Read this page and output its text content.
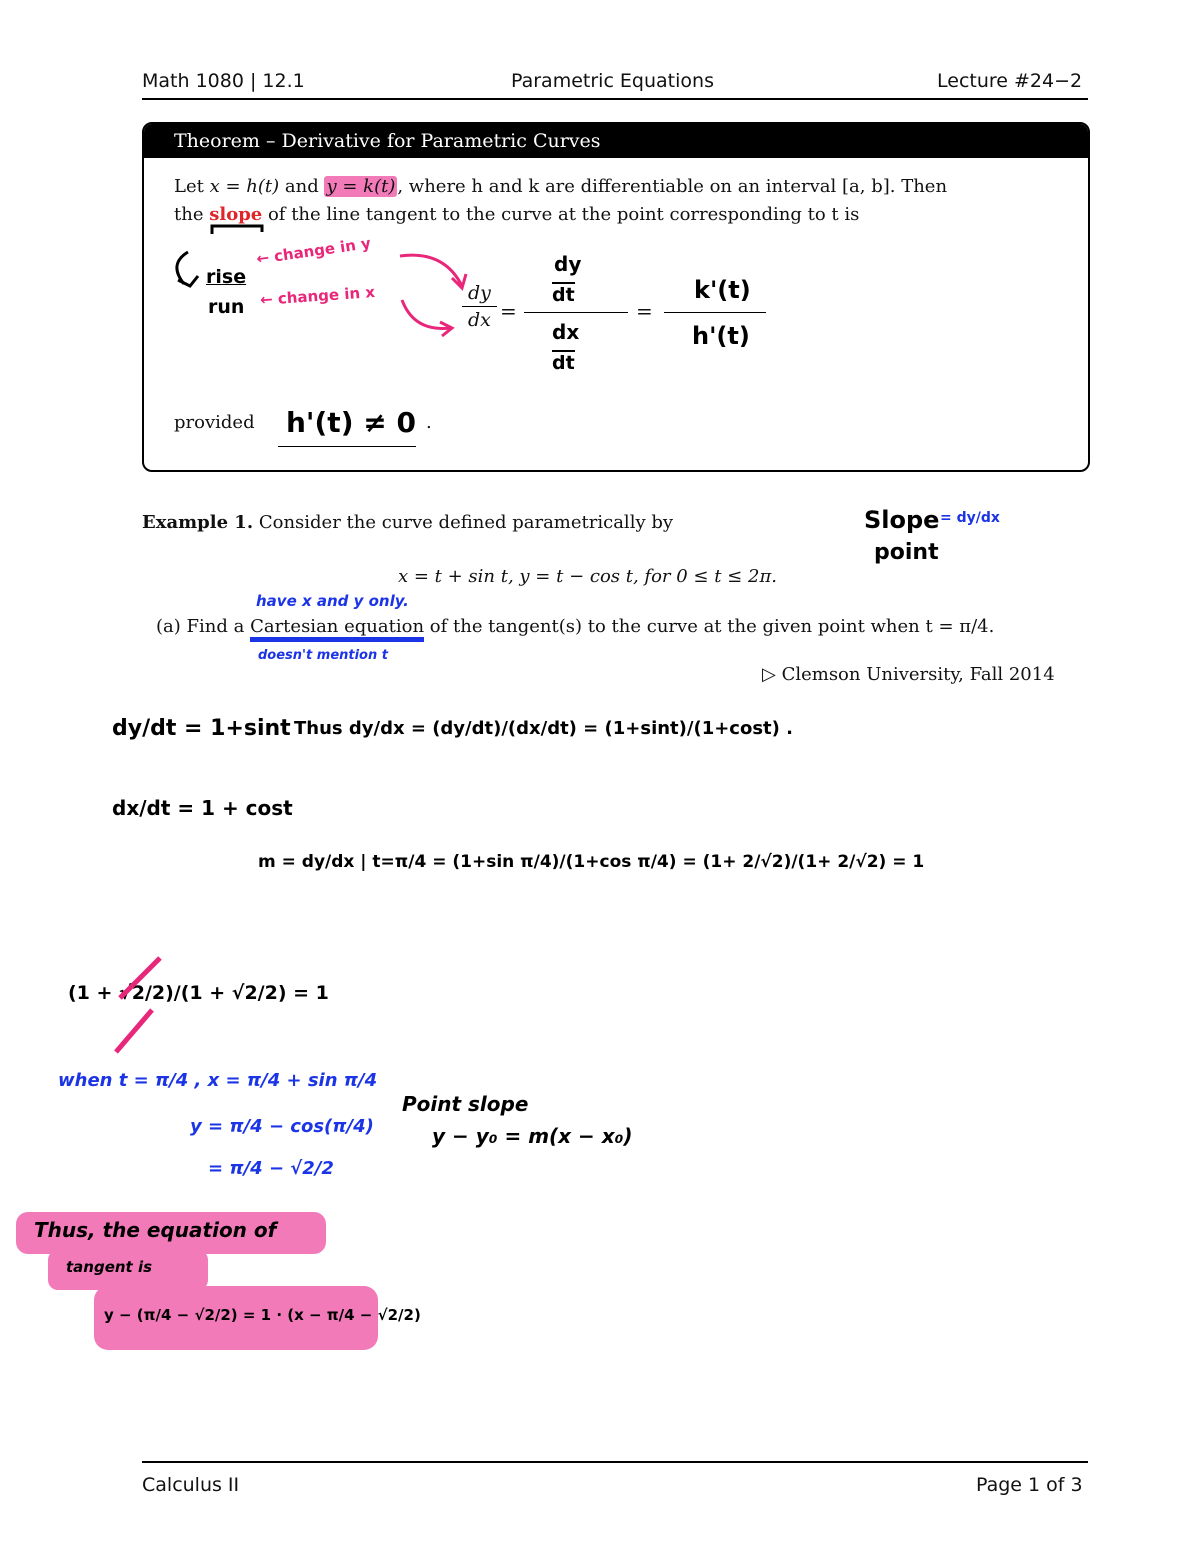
Math 1080 | 12.1	Parametric Equations	Lecture #24−2
Theorem – Derivative for Parametric Curves
Let x = h(t) and y = k(t) , where h and k are differentiable on an interval [a, b]. Then
the slope of the line tangent to the curve at the point corresponding to t is
rise
run
← change in y
← change in x	$\frac{dy}{dx}$ =
dy
dt
dx
dt
=
k'(t)
h'(t)
provided h'(t) ≠ 0 .
Example 1. Consider the curve defined parametrically by
x = t + sin t, y = t − cos t, for 0 ≤ t ≤ 2π.
Slope = dy/dx
point
have x and y only.
(a) Find a Cartesian equation of the tangent(s) to the curve at the given point when t = π/4.
doesn't mention t
▷ Clemson University, Fall 2014
dy/dt = 1+sint
dx/dt = 1 + cost
Thus dy/dx = (dy/dt)/(dx/dt) = (1+sint)/(1+cost) .
m = dy/dx | t=π/4 = (1+sin π/4)/(1+cos π/4) = (1+ 2/√2)/(1+ 2/√2) = 1
(1 + √2/2)/(1 + √2/2) = 1
when t = π/4 , x = π/4 + sin π/4
y = π/4 − cos(π/4)
= π/4 − √2/2
Point slope
y − y₀ = m(x − x₀)
Thus, the equation of
tangent is
y − (π/4 − √2/2) = 1 · (x − π/4 − √2/2)
Calculus II	Page 1 of 3
